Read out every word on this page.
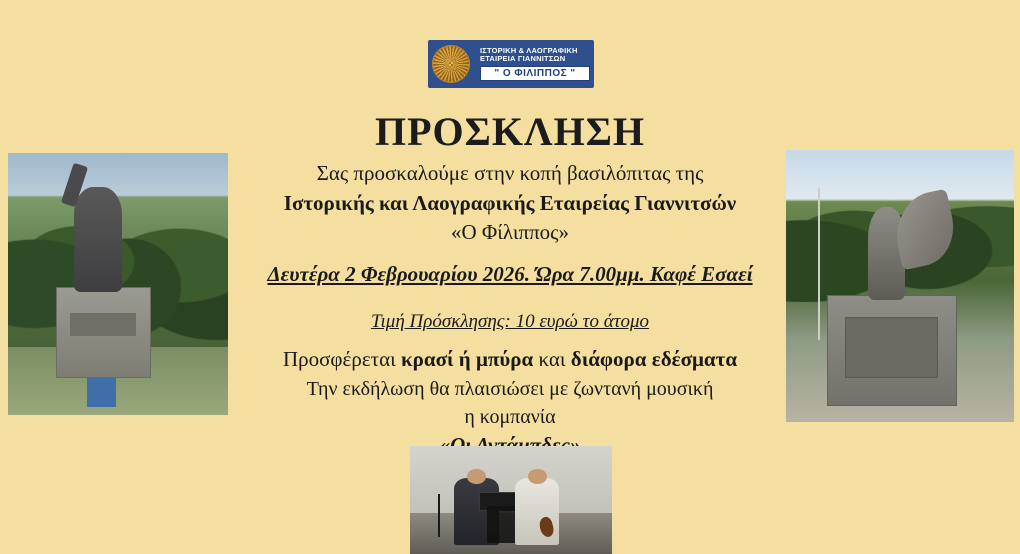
ΙΣΤΟΡΙΚΗ & ΛΑΟΓΡΑΦΙΚΗ
ΕΤΑΙΡΕΙΑ ΓΙΑΝΝΙΤΣΩΝ
" Ο ΦΙΛΙΠΠΟΣ "
ΠΡΟΣΚΛΗΣΗ

Σας προσκαλούμε στην κοπή βασιλόπιτας της

Ιστορικής και Λαογραφικής Εταιρείας Γιαννιτσών

«Ο Φίλιππος»

Δευτέρα 2 Φεβρουαρίου 2026. Ώρα 7.00μμ. Καφέ Εσαεί

Τιμή Πρόσκλησης: 10 ευρώ το άτομο

Προσφέρεται κρασί ή μπύρα και διάφορα εδέσματα

Την εκδήλωση θα πλαισιώσει με ζωντανή μουσική

η κομπανία
